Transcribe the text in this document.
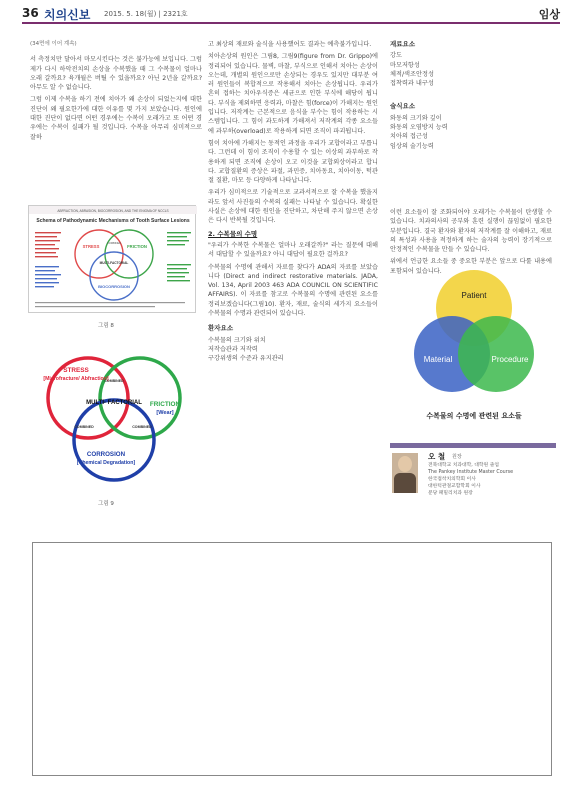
36 치의신보 2015. 5. 18(월) | 2321호	임상

(34면에 이어 계속)

서 측정치만 달아서 마모시킨다는 것은 불가능에 보입니다. 그럼 제가 다시 하악전치의 손상을 수복했을 때 그 수복물이 얼마나 오래 갈까요? 육개월은 버틸 수 있을까요? 아닌 2년을 갈까요? 아무도 알 수 없습니다.

그럼 이제 수복을 하기 전에 치아가 왜 손상이 되었는지에 대한 진단이 왜 필요한가에 대한 이유를 몇 가지 보았습니다. 원인에 대한 진단이 없다면 어떤 경우에는 수복이 오래가고 또 어떤 경우에는 수복이 실패가 될 것입니다. 수복을 아무리 심미적으로 잘하

ABFRACTION, ABRASION, BIOCORROSION, AND THE ENIGMA OF NCCLS
Schema of Pathodynamic Mechanisms of Tooth Surface Lesions
STRESS	FRICTION
MULTI-FACTORIAL
BIOCORROSION
COMBINED
그림 8
STRESS
[Microfracture/ Abfraction]
FRICTION
[Wear]
MULTI- FACTORIAL
COMBINED
COMBINED	COMBINED
CORROSION
[Chemical Degradation]
그림 9

고 최상의 재료와 술식을 사용했어도 결과는 예측불가입니다.

치아손상의 원인은 그림8, 그림9(figure from Dr. Grippo)에 정리되어 있습니다. 물벽, 마찰, 부식으로 인해서 치아는 손상이 오는데, 개별의 원인으로만 손상되는 경우도 있지만 대부분 여러 원인들이 복합적으로 작용해서 치아는 손상됩니다. 우리가 흔히 접하는 치아우식증은 세균으로 인한 부식에 해당이 됩니다. 부식을 제외하면 응력과, 마찰은 힘(force)이 가해지는 원인입니다. 저작계는 근본적으로 음식을 부수는 힘이 작용하는 시스템입니다. 그 힘이 과도하게 가해져서 저작계의 각종 요소들에 과부하(overload)로 작용하게 되면 조직이 파괴됩니다.

힘이 치아에 가해지는 동적인 과정을 우리가 교합이라고 부릅니다. 그런데 이 힘이 조직이 수용할 수 있는 이상의 과부하로 작용하게 되면 조직에 손상이 오고 이것을 교합외상이라고 합니다. 교합질환의 증상은 파절, 과민증, 치아동요, 치아이동, 턱관절 질환, 마모 등 다양하게 나타납니다.

우리가 심미적으로 기술적으로 교과서적으로 잘 수복을 했을지라도 앞서 사진들의 수복의 실패는 나타날 수 있습니다. 확실한 사실은 손상에 대한 원인을 진단하고, 차단해 주지 않으면 손상은 다시 반복될 것입니다.

2. 수복물의 수명

"우리가 수복한 수복물은 얼마나 오래갈까?" 라는 질문에 대해서 대답할 수 있을까요? 아니 대답이 필요한 걸까요?

수복물의 수명에 관해서 자료를 찾다가 ADA의 자료를 보았습니다 (Direct and indirect restorative materials. JADA, Vol. 134, April 2003 463 ADA COUNCIL ON SCIENTIFIC AFFAIRS). 이 자료를 참고로 수복물의 수명에 관련된 요소를 정리보겠습니다(그림10). 환자, 재료, 술식의 세가지 요소들이 수복물의 수명과 관련되어 있습니다.

환자요소
수복물의 크기와 위치
저작습관과 저작력
구강위생의 수준과 유지관리
재료요소
강도
마모저항성
체적/색조안정성
접착력과 내구성
술식요소
와동의 크기와 깊이
와동의 오염방지 능력
치아의 접근성
임상의 술기능력

이런 요소들이 잘 조화되어야 오래가는 수복물이 탄생할 수 있습니다. 치과의사의 공부와 훈련 실행이 끊임없이 필요한 부분입니다. 결국 환자와 환자의 저작계를 잘 이해하고, 재료의 특성과 사용을 적정하게 하는 술자의 능력이 장기적으로 안정적인 수복물을 만들 수 있습니다.

위에서 언급한 요소들 중 중요한 부분은 앞으로 다룰 내용에 포함되어 있습니다.

Patient
Material	Procedure
수복물의 수명에 관련된 요소들
오 철 원장
전북대학교 치과대학, 대학원 졸업
The Pankey Institute Master Course
한국접착치의학회 이사
대한턱관절교합학회 이사
분당 패밀리치과 원장
